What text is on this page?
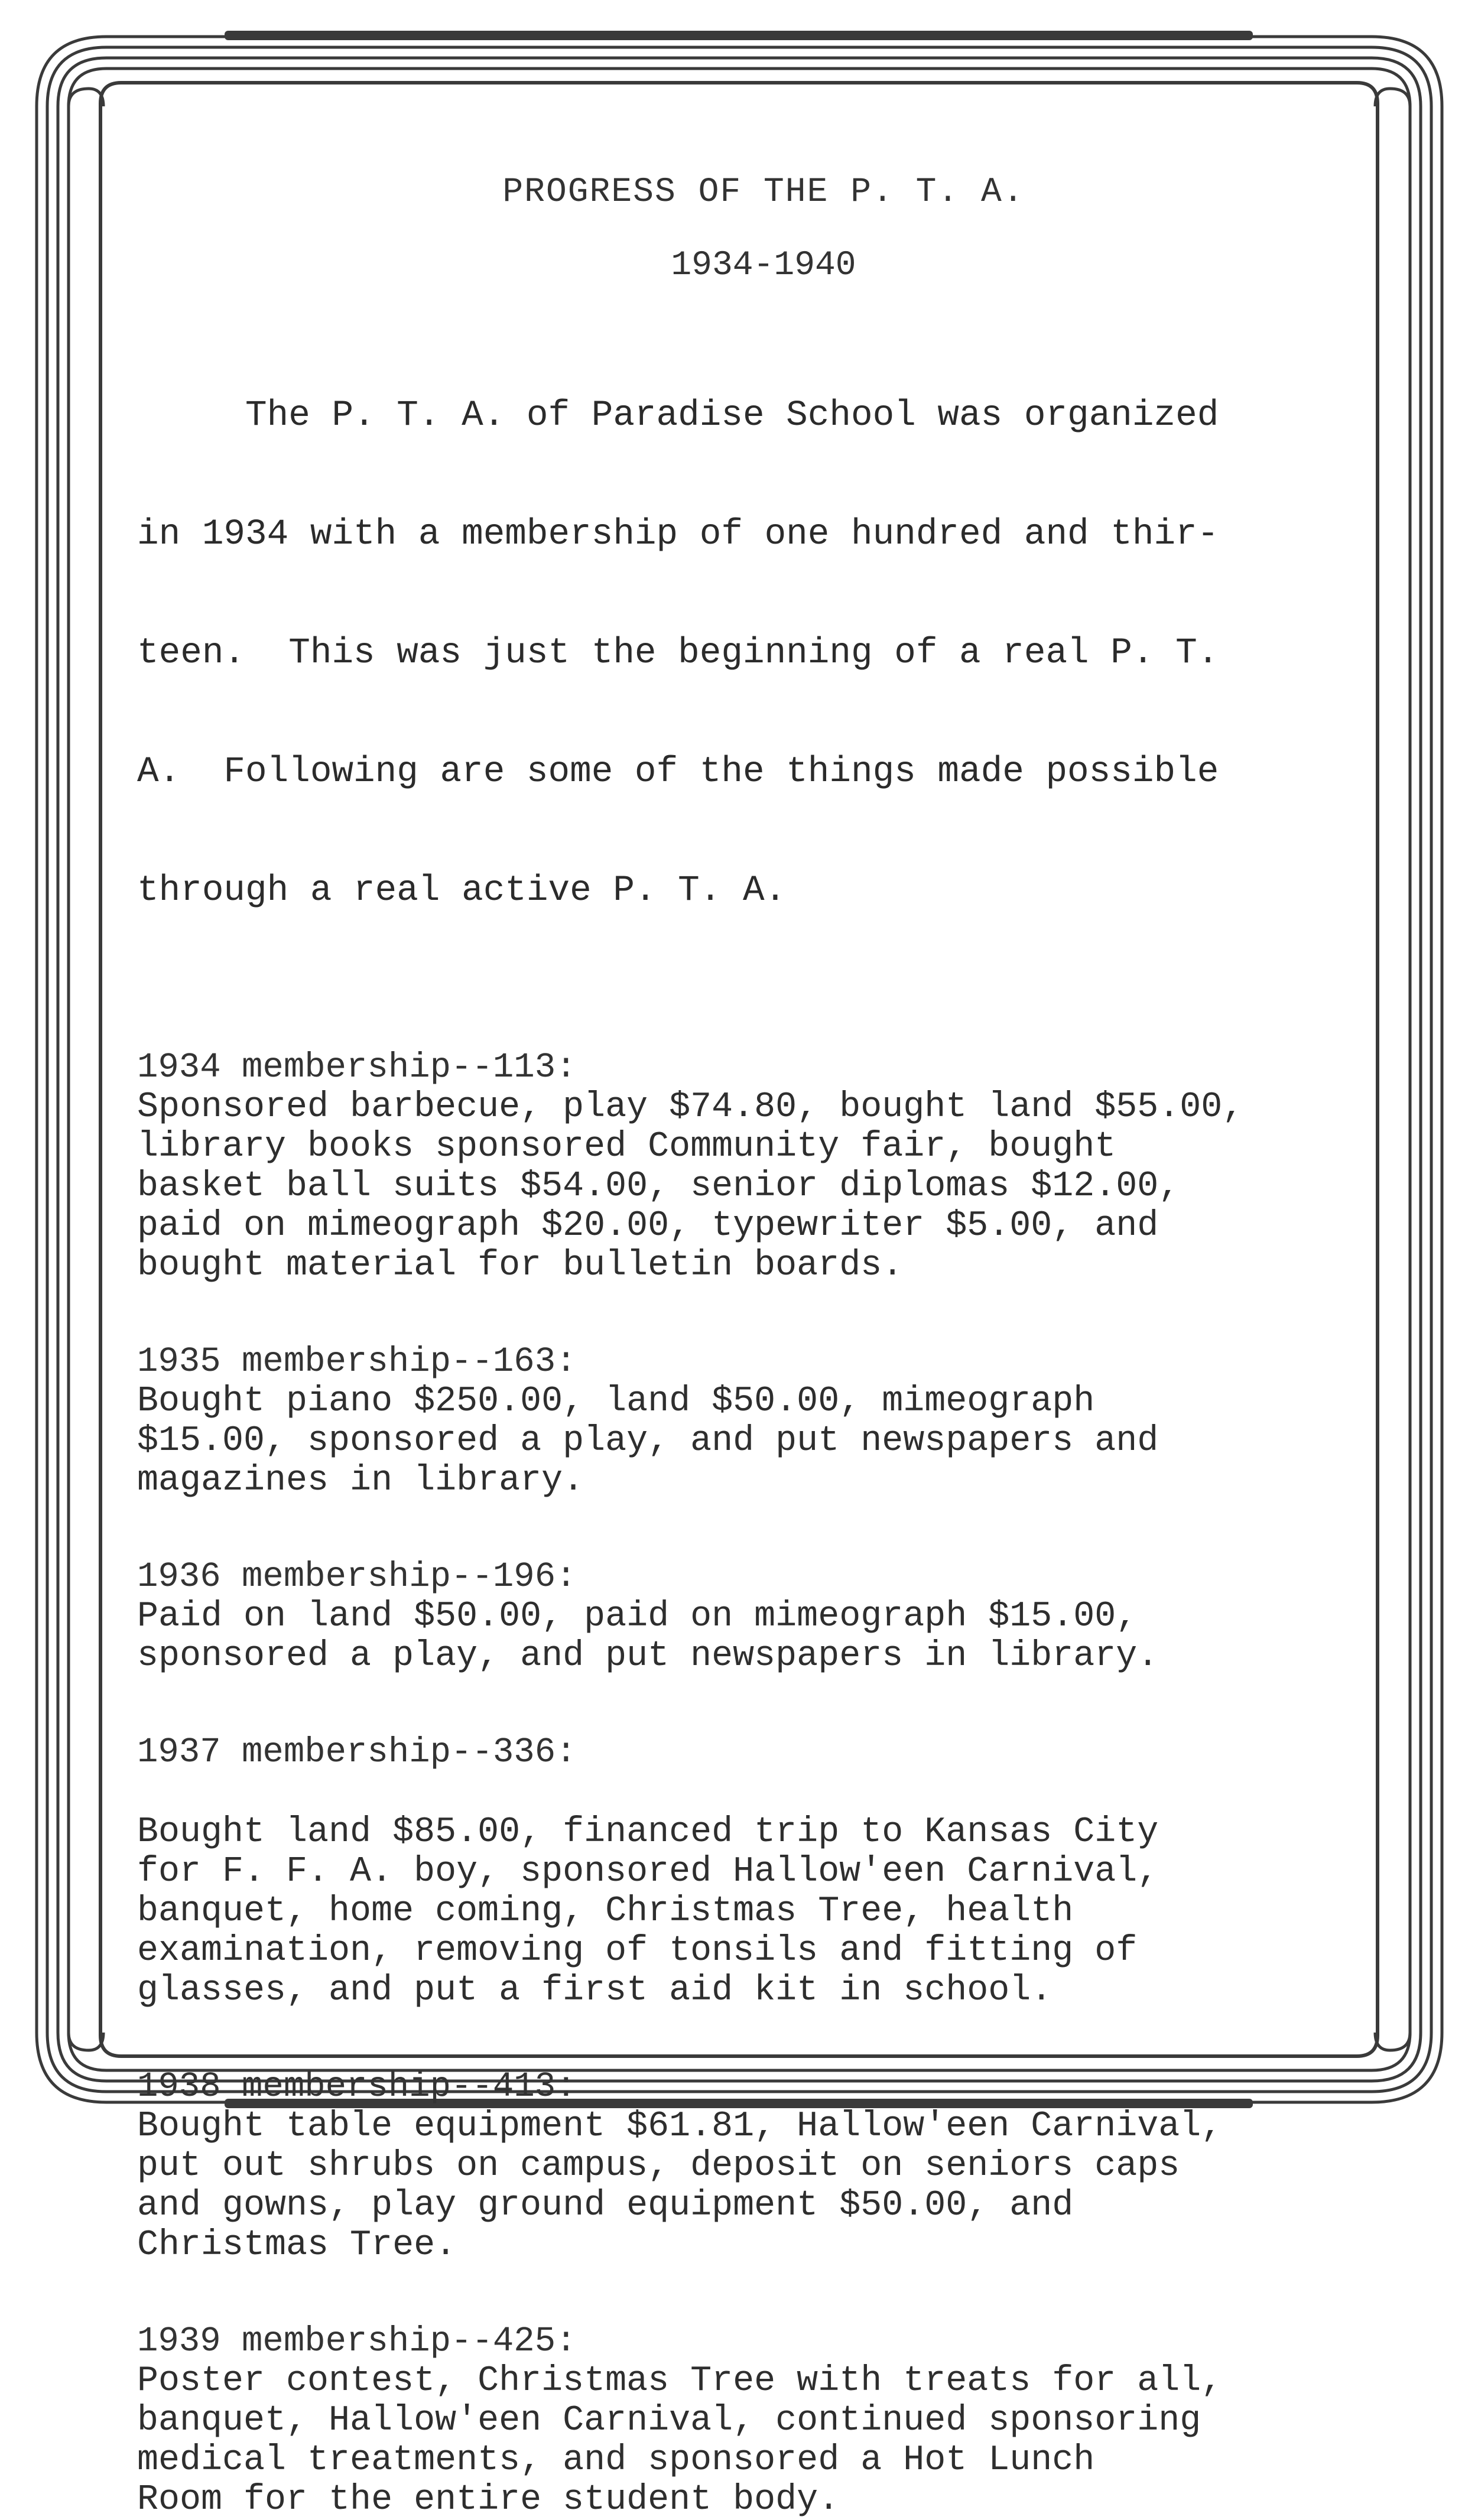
PROGRESS OF THE P. T. A.
1934-1940

The P. T. A. of Paradise School was organized

in 1934 with a membership of one hundred and thir-

teen.  This was just the beginning of a real P. T.

A.  Following are some of the things made possible

through a real active P. T. A.

1934 membership--113:
Sponsored barbecue, play $74.80, bought land $55.00,
library books sponsored Community fair, bought
basket ball suits $54.00, senior diplomas $12.00,
paid on mimeograph $20.00, typewriter $5.00, and
bought material for bulletin boards.
1935 membership--163:
Bought piano $250.00, land $50.00, mimeograph
$15.00, sponsored a play, and put newspapers and
magazines in library.
1936 membership--196:
Paid on land $50.00, paid on mimeograph $15.00,
sponsored a play, and put newspapers in library.
1937 membership--336:
Bought land $85.00, financed trip to Kansas City
for F. F. A. boy, sponsored Hallow'een Carnival,
banquet, home coming, Christmas Tree, health
examination, removing of tonsils and fitting of
glasses, and put a first aid kit in school.
1938 membership--413:
Bought table equipment $61.81, Hallow'een Carnival,
put out shrubs on campus, deposit on seniors caps
and gowns, play ground equipment $50.00, and
Christmas Tree.
1939 membership--425:
Poster contest, Christmas Tree with treats for all,
banquet, Hallow'een Carnival, continued sponsoring
medical treatments, and sponsored a Hot Lunch
Room for the entire student body.
